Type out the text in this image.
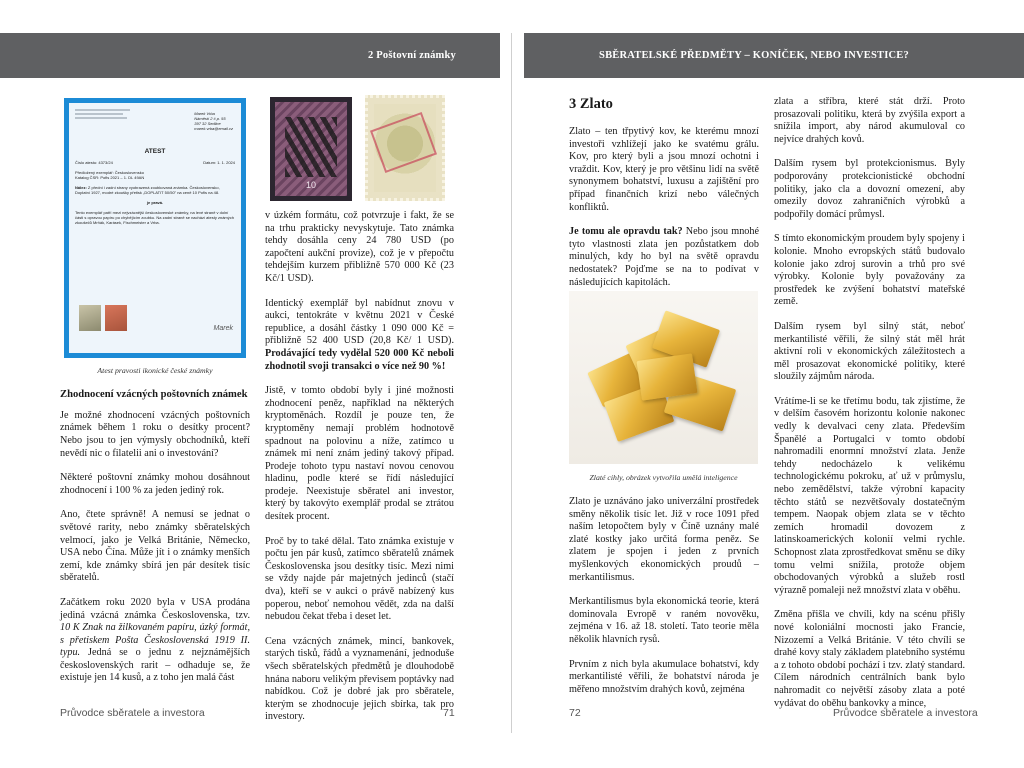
2 Poštovní známky
Marek Vrba
Náměstí 2 č.p. 55
397 32 Sedlice
marek.vrba@email.cz
ATEST
Číslo atestu: 4373/24	Datum: 1. 1. 2024
Předložený exemplář: Československo
Katalog ČSR: Pofis 2021 – 1. DL 49AN
Nález: Z přední i zadní strany vyobrazená zoubkovaná známka. Československo, Doplatní 1927, modré zkoušky přetisk „DOPLATIT 50/50" na ceně 10 Pofis na 48.
je pravá.
Tento exemplář patří mezi nejvzácnější československé známky, na levé straně v dolní části s opravou papíru po chybějícím zoubku. Na zadní straně se nachází atesty známých zkoušečů Mrňák, Karásek, Fischmeister a Vrba.
Marek
10
Atest pravosti ikonické české známky
Zhodnocení vzácných poštovních známek

Je možné zhodnocení vzácných poštovních známek během 1 roku o desítky procent? Nebo jsou to jen výmysly obchodníků, kteří nevědí nic o filatelii ani o investování?

Některé poštovní známky mohou dosáhnout zhodnocení i 100 % za jeden jediný rok.

Ano, čtete správně! A nemusí se jednat o světové rarity, nebo známky sběratelských velmocí, jako je Velká Británie, Německo, USA nebo Čína. Může jít i o známky menších zemí, kde známky sbírá jen pár desítek tisíc sběratelů.

Začátkem roku 2020 byla v USA prodána jediná vzácná známka Československa, tzv. 10 K Znak na žilkovaném papíru, úzký formát, s přetiskem Pošta Československá 1919 II. typu. Jedná se o jednu z nejznámějších československých rarit – odhaduje se, že existuje jen 14 kusů, a z toho jen malá část

v úzkém formátu, což potvrzuje i fakt, že se na trhu prakticky nevyskytuje. Tato známka tehdy dosáhla ceny 24 780 USD (po započtení aukční provize), což je v přepočtu tehdejším kurzem přibližně 570 000 Kč (23 Kč/1 USD).

Identický exemplář byl nabídnut znovu v aukci, tentokráte v květnu 2021 v České republice, a dosáhl částky 1 090 000 Kč = přibližně 52 400 USD (20,8 Kč/ 1 USD). Prodávající tedy vydělal 520 000 Kč neboli zhodnotil svoji transakci o více než 90 %!

Jistě, v tomto období byly i jiné možnosti zhodnocení peněz, například na některých kryptoměnách. Rozdíl je pouze ten, že kryptoměny nemají problém hodnotově spadnout na polovinu a níže, zatímco u známek mi není znám jediný takový případ. Prodeje tohoto typu nastaví novou cenovou hladinu, podle které se řídí následující prodeje. Neexistuje sběratel ani investor, který by takovýto exemplář prodal se ztrátou desítek procent.

Proč by to také dělal. Tato známka existuje v počtu jen pár kusů, zatímco sběratelů známek Československa jsou desítky tisíc. Mezi nimi se vždy najde pár majetných jedinců (stačí dva), kteří se v aukci o právě nabízený kus poperou, neboť nemohou vědět, zda na další nebudou čekat třeba i deset let.

Cena vzácných známek, mincí, bankovek, starých tisků, řádů a vyznamenání, jednoduše všech sběratelských předmětů je dlouhodobě hnána naboru velikým převisem poptávky nad nabídkou. Což je dobré jak pro sběratele, kterým se zhodnocuje jejich sbírka, tak pro investory.

Průvodce sběratele a investora	71
SBĚRATELSKÉ PŘEDMĚTY – KONÍČEK, NEBO INVESTICE?
3 Zlato

Zlato – ten třpytivý kov, ke kterému mnozí investoři vzhlížejí jako ke svatému grálu. Kov, pro který byli a jsou mnozí ochotni i vraždit. Kov, který je pro většinu lidí na světě synonymem bohatství, luxusu a zajištění pro případ finančních krizí nebo válečných konfliktů.

Je tomu ale opravdu tak? Nebo jsou mnohé tyto vlastnosti zlata jen pozůstatkem dob minulých, kdy ho byl na světě opravdu nedostatek? Pojďme se na to podívat v následujících kapitolách.

Zlaté cihly, obrázek vytvořila umělá inteligence

Zlato je uznáváno jako univerzální prostředek směny několik tisíc let. Již v roce 1091 před naším letopočtem byly v Číně uznány malé zlaté kostky jako určitá forma peněz. Se zlatem je spojen i jeden z prvních myšlenkových ekonomických proudů – merkantilismus.

Merkantilismus byla ekonomická teorie, která dominovala Evropě v raném novověku, zejména v 16. až 18. století. Tato teorie měla několik hlavních rysů.

Prvním z nich byla akumulace bohatství, kdy merkantilisté věřili, že bohatství národa je měřeno množstvím drahých kovů, zejména

zlata a stříbra, které stát drží. Proto prosazovali politiku, která by zvýšila export a snížila import, aby národ akumuloval co nejvíce drahých kovů.

Dalším rysem byl protekcionismus. Byly podporovány protekcionistické obchodní politiky, jako cla a dovozní omezení, aby omezily dovoz zahraničních výrobků a podpořily domácí průmysl.

S tímto ekonomickým proudem byly spojeny i kolonie. Mnoho evropských států budovalo kolonie jako zdroj surovin a trhů pro své výrobky. Kolonie byly považovány za prostředek ke zvýšení bohatství mateřské země.

Dalším rysem byl silný stát, neboť merkantilisté věřili, že silný stát měl hrát aktivní roli v ekonomických záležitostech a měl prosazovat ekonomické politiky, které sloužily zájmům národa.

Vrátíme-li se ke třetímu bodu, tak zjistíme, že v delším časovém horizontu kolonie nakonec vedly k devalvaci ceny zlata. Především Španělé a Portugalci v tomto období nahromadili enormní množství zlata. Jenže tehdy nedocházelo k velikému technologickému pokroku, ať už v průmyslu, nebo zemědělství, takže výrobní kapacity těchto států se nezvětšovaly dostatečným tempem. Naopak objem zlata se v těchto zemích hromadil dovozem z latinskoamerických kolonií velmi rychle. Schopnost zlata zprostředkovat směnu se díky tomu velmi snížila, protože objem obchodovaných výrobků a služeb rostl výrazně pomaleji než množství zlata v oběhu.

Změna přišla ve chvíli, kdy na scénu přišly nové koloniální mocnosti jako Francie, Nizozemí a Velká Británie. V této chvíli se drahé kovy staly základem platebního systému a z tohoto období pochází i tzv. zlatý standard. Cílem národních centrálních bank bylo nahromadit co největší zásoby zlata a poté vydávat do oběhu bankovky a mince,

72	Průvodce sběratele a investora
